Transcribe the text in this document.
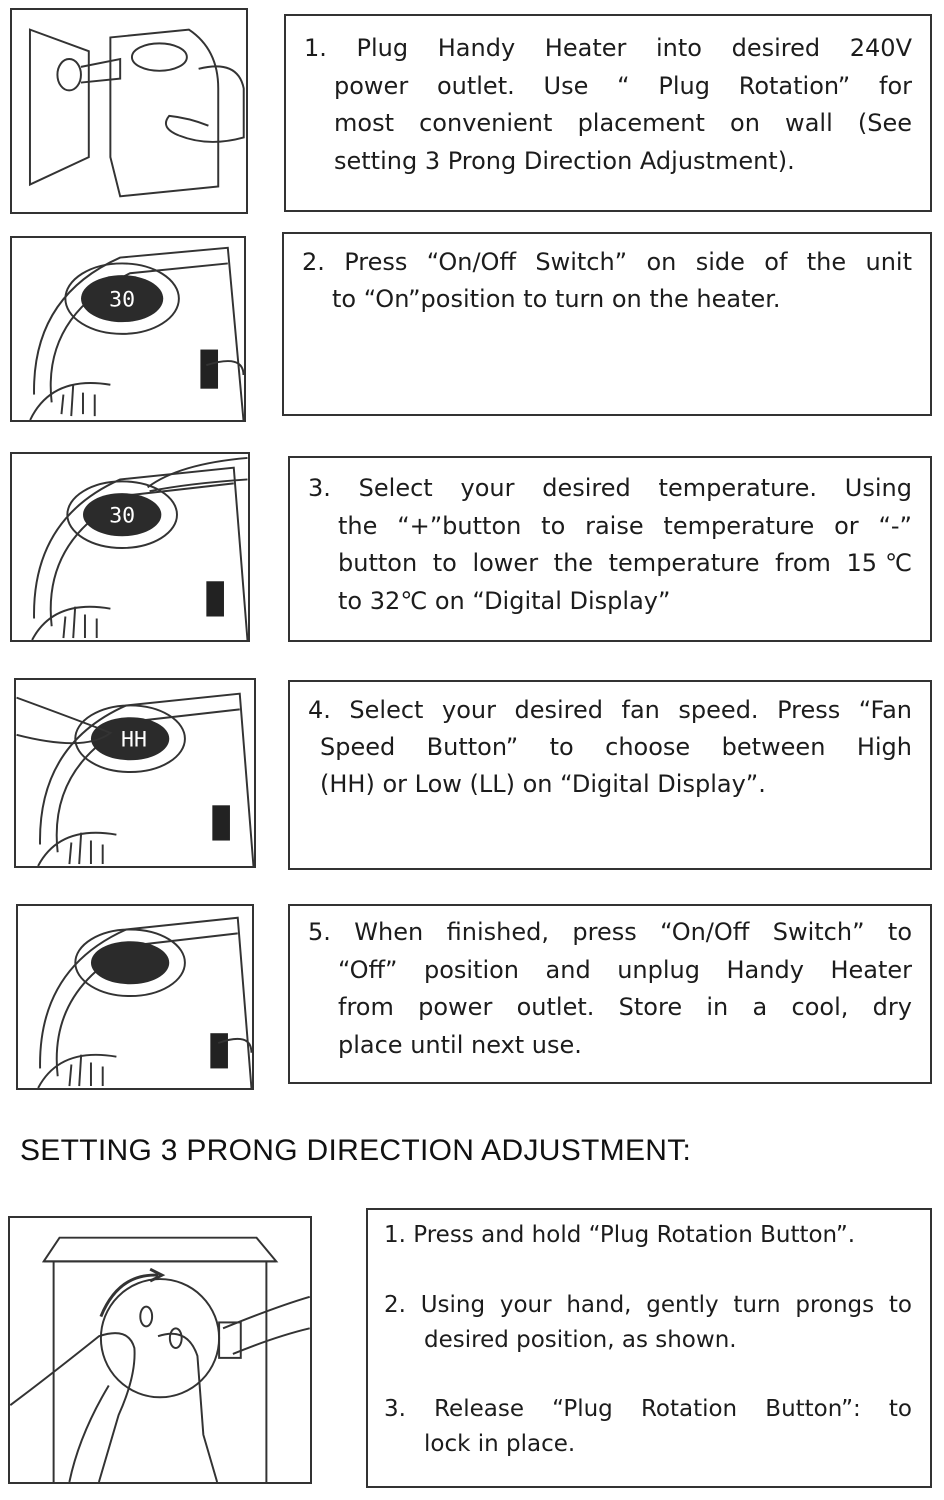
1. Plug Handy Heater into desired 240V
power outlet. Use “ Plug Rotation” for
most convenient placement on wall (See
setting 3 Prong Direction Adjustment).

30

2. Press “On/Off Switch” on side of the unit
to “On”position to turn on the heater.

30

3. Select your desired temperature. Using
the “+”button to raise temperature or “-”
button to lower the temperature from 15℃
to 32℃ on “Digital Display”

HH

4. Select your desired fan speed. Press “Fan
Speed Button” to choose between High
(HH) or Low (LL) on “Digital Display”.

5. When finished, press “On/Off Switch” to
“Off” position and unplug Handy Heater
from power outlet. Store in a cool, dry
place until next use.

SETTING 3 PRONG DIRECTION ADJUSTMENT:

1. Press and hold “Plug Rotation Button”.

2. Using your hand, gently turn prongs to
desired position, as shown.

3. Release “Plug Rotation Button”: to
lock in place.
